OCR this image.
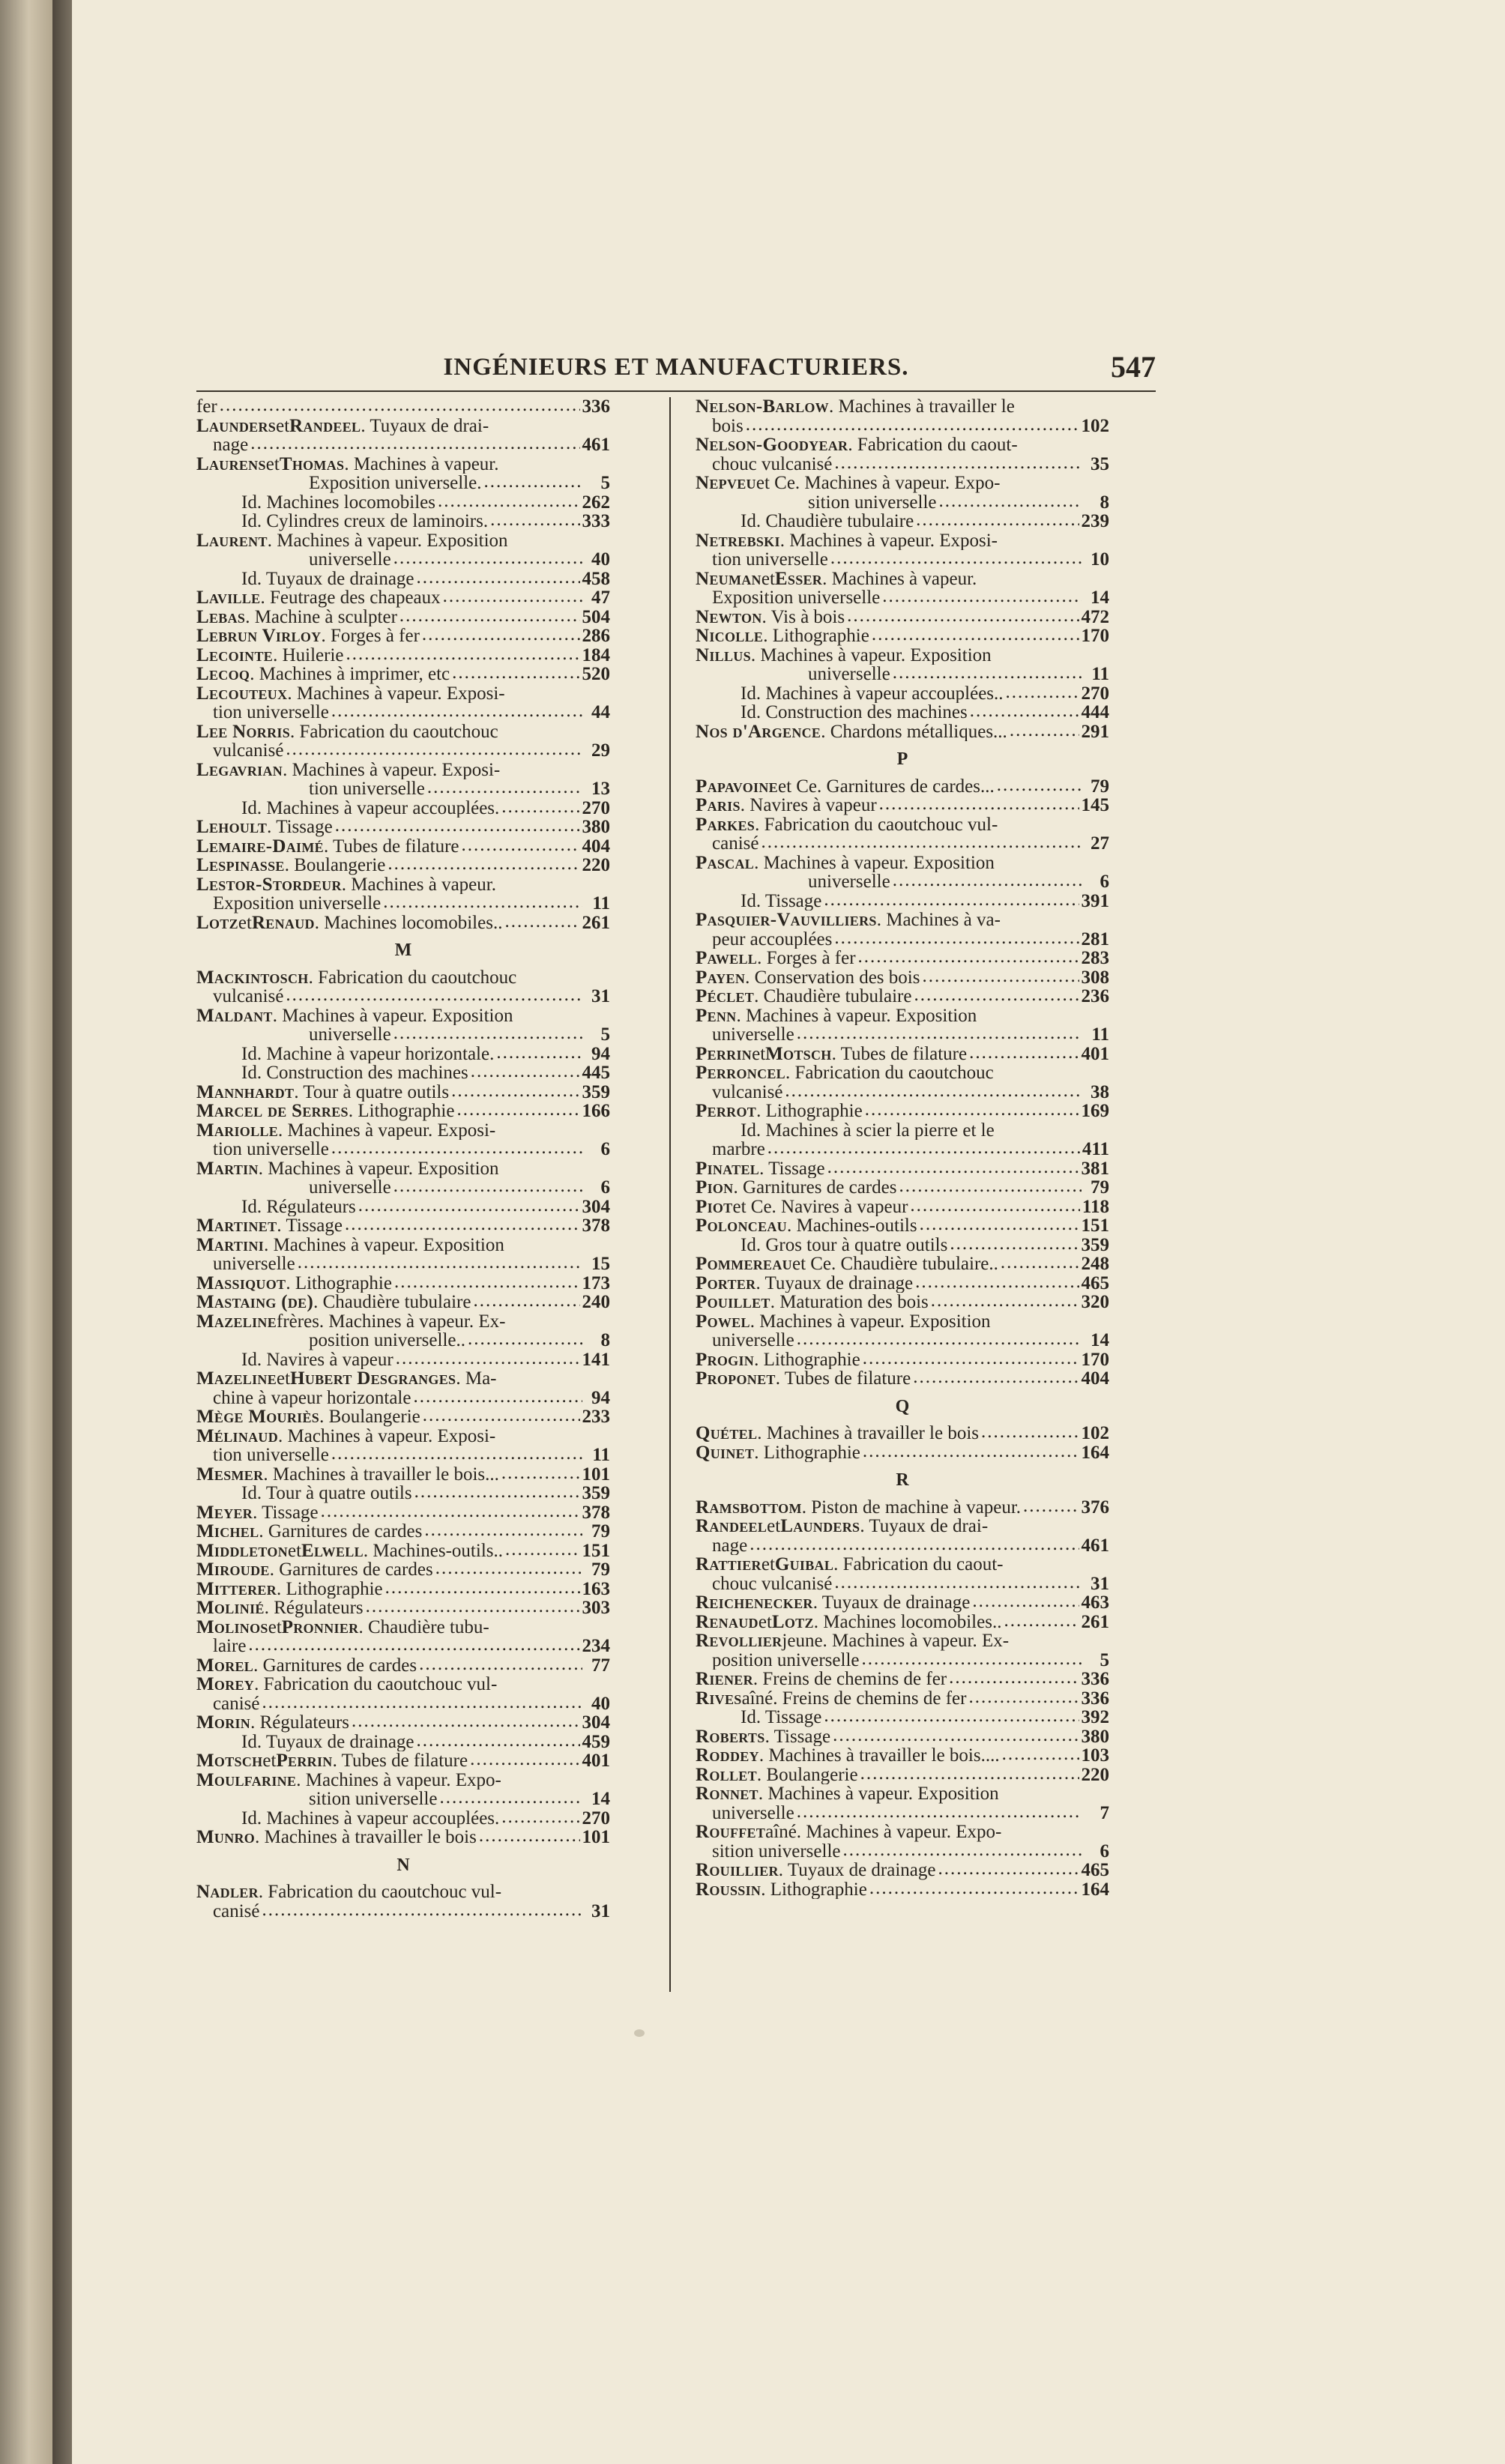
INGÉNIEURS ET MANUFACTURIERS.	547
fer .....	336
Launders et Randeel . Tuyaux de drai-
nage .....	461
Laurens et Thomas . Machines à vapeur.
Exposition universelle. .....	5
Id. Machines locomobiles .....	262
Id. Cylindres creux de laminoirs. .....	333
Laurent . Machines à vapeur. Exposition
universelle .....	40
Id. Tuyaux de drainage .....	458
Laville . Feutrage des chapeaux .....	47
Lebas . Machine à sculpter .....	504
Lebrun Virloy . Forges à fer .....	286
Lecointe . Huilerie .....	184
Lecoq . Machines à imprimer, etc .....	520
Lecouteux . Machines à vapeur. Exposi-
tion universelle .....	44
Lee Norris . Fabrication du caoutchouc
vulcanisé .....	29
Legavrian . Machines à vapeur. Exposi-
tion universelle .....	13
Id. Machines à vapeur accouplées. .....	270
Lehoult . Tissage .....	380
Lemaire-Daimé . Tubes de filature .....	404
Lespinasse . Boulangerie .....	220
Lestor-Stordeur . Machines à vapeur.
Exposition universelle .....	11
Lotz et Renaud . Machines locomobiles.. .....	261
M
Mackintosch . Fabrication du caoutchouc
vulcanisé .....	31
Maldant . Machines à vapeur. Exposition
universelle .....	5
Id. Machine à vapeur horizontale. .....	94
Id. Construction des machines .....	445
Mannhardt . Tour à quatre outils .....	359
Marcel de Serres . Lithographie .....	166
Mariolle . Machines à vapeur. Exposi-
tion universelle .....	6
Martin . Machines à vapeur. Exposition
universelle .....	6
Id. Régulateurs .....	304
Martinet . Tissage .....	378
Martini . Machines à vapeur. Exposition
universelle .....	15
Massiquot . Lithographie .....	173
Mastaing (de) . Chaudière tubulaire .....	240
Mazeline frères. Machines à vapeur. Ex-
position universelle.. .....	8
Id. Navires à vapeur .....	141
Mazeline et Hubert Desgranges . Ma-
chine à vapeur horizontale .....	94
Mège Mouriès . Boulangerie .....	233
Mélinaud . Machines à vapeur. Exposi-
tion universelle .....	11
Mesmer . Machines à travailler le bois... .....	101
Id. Tour à quatre outils .....	359
Meyer . Tissage .....	378
Michel . Garnitures de cardes .....	79
Middleton et Elwell . Machines-outils.. .....	151
Miroude . Garnitures de cardes .....	79
Mitterer . Lithographie .....	163
Molinié . Régulateurs .....	303
Molinos et Pronnier . Chaudière tubu-
laire .....	234
Morel . Garnitures de cardes .....	77
Morey . Fabrication du caoutchouc vul-
canisé .....	40
Morin . Régulateurs .....	304
Id. Tuyaux de drainage .....	459
Motsch et Perrin . Tubes de filature .....	401
Moulfarine . Machines à vapeur. Expo-
sition universelle .....	14
Id. Machines à vapeur accouplées. .....	270
Munro . Machines à travailler le bois .....	101
N
Nadler . Fabrication du caoutchouc vul-
canisé .....	31
Nelson-Barlow . Machines à travailler le
bois .....	102
Nelson-Goodyear . Fabrication du caout-
chouc vulcanisé .....	35
Nepveu et Ce. Machines à vapeur. Expo-
sition universelle .....	8
Id. Chaudière tubulaire .....	239
Netrebski . Machines à vapeur. Exposi-
tion universelle .....	10
Neuman et Esser . Machines à vapeur.
Exposition universelle .....	14
Newton . Vis à bois .....	472
Nicolle . Lithographie .....	170
Nillus . Machines à vapeur. Exposition
universelle .....	11
Id. Machines à vapeur accouplées.. .....	270
Id. Construction des machines .....	444
Nos d'Argence . Chardons métalliques... .....	291
P
Papavoine et Ce. Garnitures de cardes... .....	79
Paris . Navires à vapeur .....	145
Parkes . Fabrication du caoutchouc vul-
canisé .....	27
Pascal . Machines à vapeur. Exposition
universelle .....	6
Id. Tissage .....	391
Pasquier-Vauvilliers . Machines à va-
peur accouplées .....	281
Pawell . Forges à fer .....	283
Payen . Conservation des bois .....	308
Péclet . Chaudière tubulaire .....	236
Penn . Machines à vapeur. Exposition
universelle .....	11
Perrin et Motsch . Tubes de filature .....	401
Perroncel . Fabrication du caoutchouc
vulcanisé .....	38
Perrot . Lithographie .....	169
Id. Machines à scier la pierre et le
marbre .....	411
Pinatel . Tissage .....	381
Pion . Garnitures de cardes .....	79
Piot et Ce. Navires à vapeur .....	118
Polonceau . Machines-outils .....	151
Id. Gros tour à quatre outils .....	359
Pommereau et Ce. Chaudière tubulaire.. .....	248
Porter . Tuyaux de drainage .....	465
Pouillet . Maturation des bois .....	320
Powel . Machines à vapeur. Exposition
universelle .....	14
Progin . Lithographie .....	170
Proponet . Tubes de filature .....	404
Q
Quétel . Machines à travailler le bois .....	102
Quinet . Lithographie .....	164
R
Ramsbottom . Piston de machine à vapeur. .....	376
Randeel et Launders . Tuyaux de drai-
nage .....	461
Rattier et Guibal . Fabrication du caout-
chouc vulcanisé .....	31
Reichenecker . Tuyaux de drainage .....	463
Renaud et Lotz . Machines locomobiles.. .....	261
Revollier jeune. Machines à vapeur. Ex-
position universelle .....	5
Riener . Freins de chemins de fer .....	336
Rives aîné. Freins de chemins de fer .....	336
Id. Tissage .....	392
Roberts . Tissage .....	380
Roddey . Machines à travailler le bois.... .....	103
Rollet . Boulangerie .....	220
Ronnet . Machines à vapeur. Exposition
universelle .....	7
Rouffet aîné. Machines à vapeur. Expo-
sition universelle .....	6
Rouillier . Tuyaux de drainage .....	465
Roussin . Lithographie .....	164
